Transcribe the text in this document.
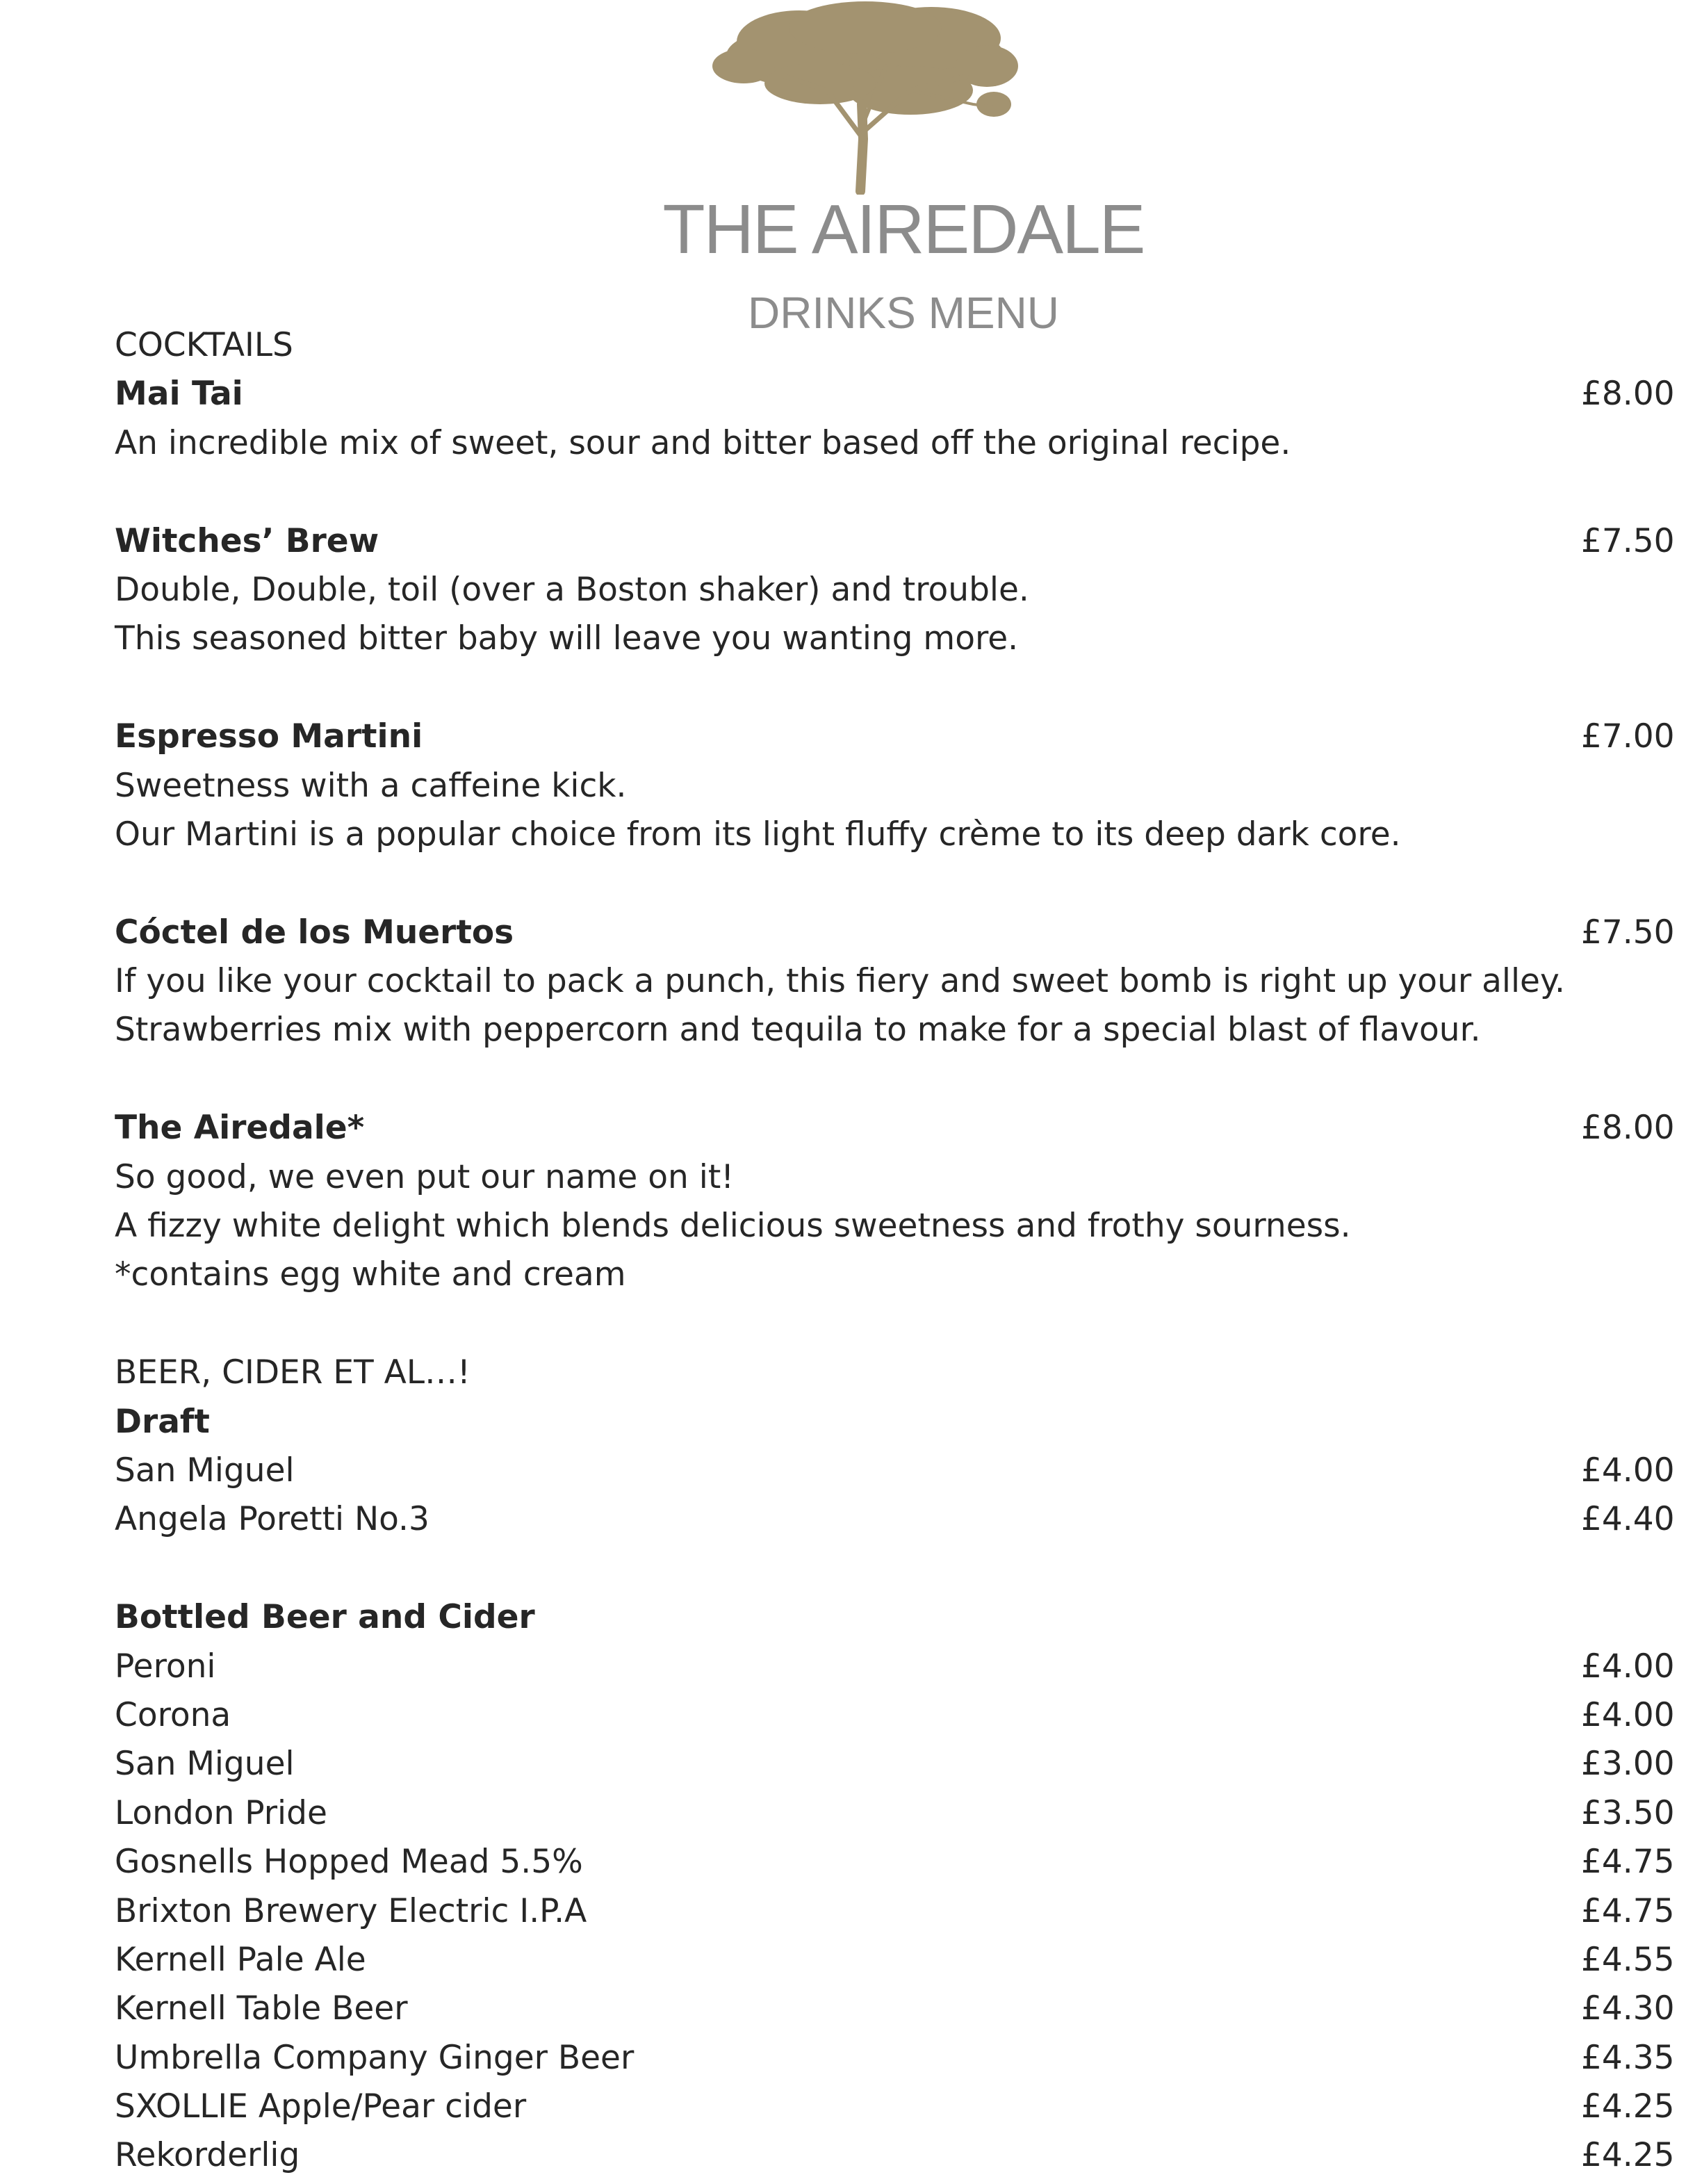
THE AIREDALE
DRINKS MENU
COCKTAILS
Mai Tai	£8.00
An incredible mix of sweet, sour and bitter based off the original recipe.
Witches’ Brew	£7.50
Double, Double, toil (over a Boston shaker) and trouble.
This seasoned bitter baby will leave you wanting more.
Espresso Martini	£7.00
Sweetness with a caffeine kick.
Our Martini is a popular choice from its light fluffy crème to its deep dark core.
Cóctel de los Muertos	£7.50
If you like your cocktail to pack a punch, this fiery and sweet bomb is right up your alley.
Strawberries mix with peppercorn and tequila to make for a special blast of flavour.
The Airedale*	£8.00
So good, we even put our name on it!
A fizzy white delight which blends delicious sweetness and frothy sourness.
*contains egg white and cream
BEER, CIDER ET AL…!
Draft
San Miguel	£4.00
Angela Poretti No.3	£4.40
Bottled Beer and Cider
Peroni	£4.00
Corona	£4.00
San Miguel	£3.00
London Pride	£3.50
Gosnells Hopped Mead 5.5%	£4.75
Brixton Brewery Electric I.P.A	£4.75
Kernell Pale Ale	£4.55
Kernell Table Beer	£4.30
Umbrella Company Ginger Beer	£4.35
SXOLLIE Apple/Pear cider	£4.25
Rekorderlig	£4.25
